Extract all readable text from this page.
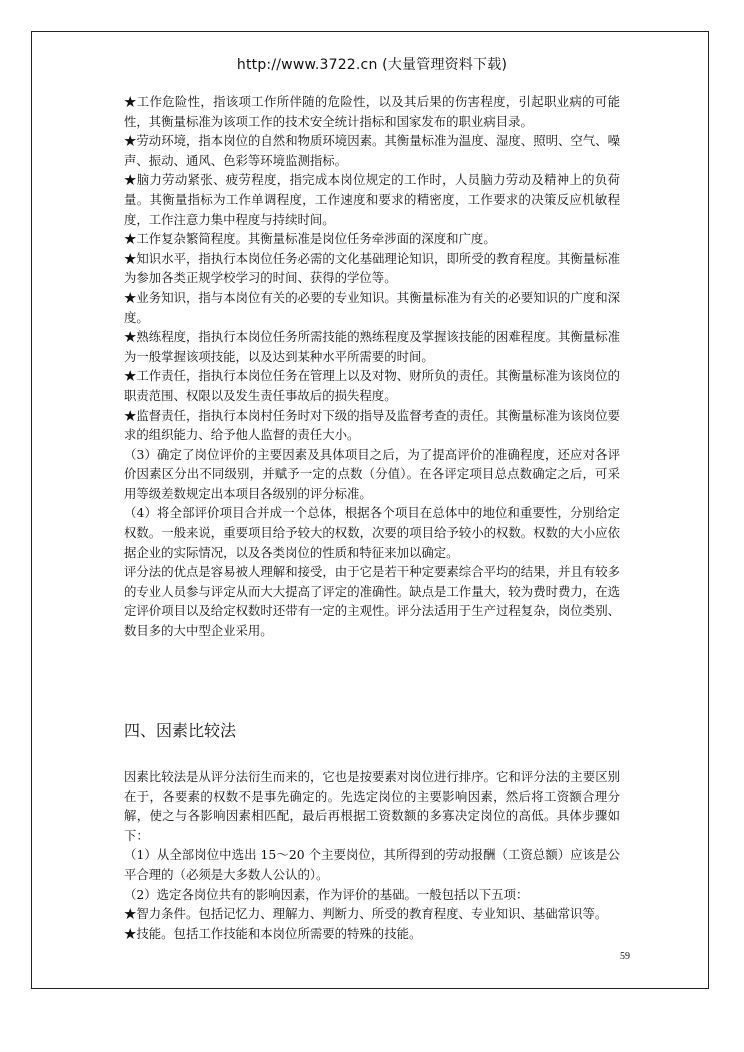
http://www.3722.cn (大量管理资料下载)

★工作危险性，指该项工作所伴随的危险性，以及其后果的伤害程度，引起职业病的可能性，其衡量标准为该项工作的技术安全统计指标和国家发布的职业病目录。

★劳动环境，指本岗位的自然和物质环境因素。其衡量标准为温度、湿度、照明、空气、噪声、振动、通风、色彩等环境监测指标。

★脑力劳动紧张、疲劳程度，指完成本岗位规定的工作时，人员脑力劳动及精神上的负荷量。其衡量指标为工作单调程度，工作速度和要求的精密度，工作要求的决策反应机敏程度，工作注意力集中程度与持续时间。

★工作复杂繁简程度。其衡量标准是岗位任务牵涉面的深度和广度。

★知识水平，指执行本岗位任务必需的文化基础理论知识，即所受的教育程度。其衡量标准为参加各类正规学校学习的时间、获得的学位等。

★业务知识，指与本岗位有关的必要的专业知识。其衡量标准为有关的必要知识的广度和深度。

★熟练程度，指执行本岗位任务所需技能的熟练程度及掌握该技能的困难程度。其衡量标准为一般掌握该项技能，以及达到某种水平所需要的时间。

★工作责任，指执行本岗位任务在管理上以及对物、财所负的责任。其衡量标准为该岗位的职责范围、权限以及发生责任事故后的损失程度。

★监督责任，指执行本岗村任务时对下级的指导及监督考查的责任。其衡量标准为该岗位要求的组织能力、给予他人监督的责任大小。

（3）确定了岗位评价的主要因素及具体项目之后，为了提高评价的准确程度，还应对各评价因素区分出不同级别，并赋予一定的点数（分值）。在各评定项目总点数确定之后，可采用等级差数规定出本项目各级别的评分标准。

（4）将全部评价项目合并成一个总体，根据各个项目在总体中的地位和重要性，分别给定权数。一般来说，重要项目给予较大的权数，次要的项目给予较小的权数。权数的大小应依据企业的实际情况，以及各类岗位的性质和特征来加以确定。

评分法的优点是容易被人理解和接受，由于它是若干种定要素综合平均的结果，并且有较多的专业人员参与评定从而大大提高了评定的准确性。缺点是工作量大，较为费时费力，在选定评价项目以及给定权数时还带有一定的主观性。评分法适用于生产过程复杂，岗位类别、数目多的大中型企业采用。

四、因素比较法

因素比较法是从评分法衍生而来的，它也是按要素对岗位进行排序。它和评分法的主要区别在于，各要素的权数不是事先确定的。先选定岗位的主要影响因素，然后将工资额合理分解，使之与各影响因素相匹配，最后再根据工资数额的多寡决定岗位的高低。具体步骤如下：

（1）从全部岗位中选出 15～20 个主要岗位，其所得到的劳动报酬（工资总额）应该是公平合理的（必须是大多数人公认的）。

（2）选定各岗位共有的影响因素，作为评价的基础。一般包括以下五项：

★智力条件。包括记忆力、理解力、判断力、所受的教育程度、专业知识、基础常识等。

★技能。包括工作技能和本岗位所需要的特殊的技能。

59
